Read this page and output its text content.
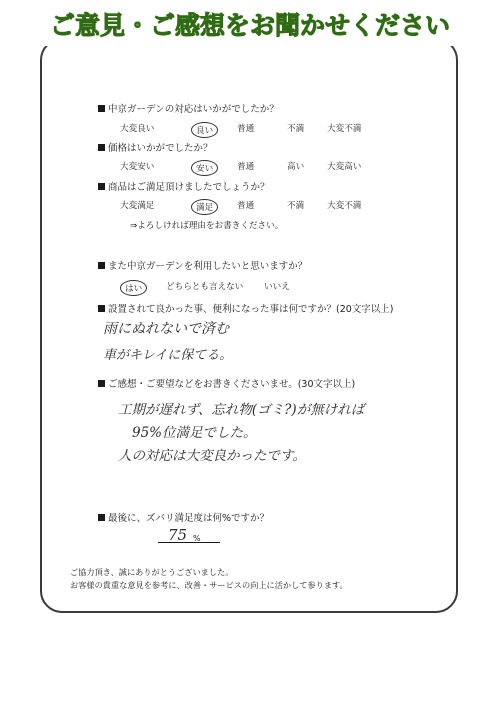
ご意見・ご感想をお聞かせください
中京ガーデンの対応はいかがでしたか？
大変良い	良い	普通	不満	大変不満
価格はいかがでしたか？
大変安い	安い	普通	高い	大変高い
商品はご満足頂けましたでしょうか？
大変満足	満足	普通	不満	大変不満
⇒よろしければ理由をお書きください。
また中京ガーデンを利用したいと思いますか？
はい	どちらとも言えない いいえ
設置されて良かった事、便利になった事は何ですか？(20文字以上)
雨にぬれないで済む
車がキレイに保てる。
ご感想・ご要望などをお書きくださいませ。(30文字以上)
工期が遅れず、忘れ物(ゴミ?)が無ければ
95%位満足でした。
人の対応は大変良かったです。
最後に、ズバリ満足度は何%ですか？
75 %
ご協力頂き、誠にありがとうございました。
お客様の貴重な意見を参考に、改善・サービスの向上に活かして参ります。
